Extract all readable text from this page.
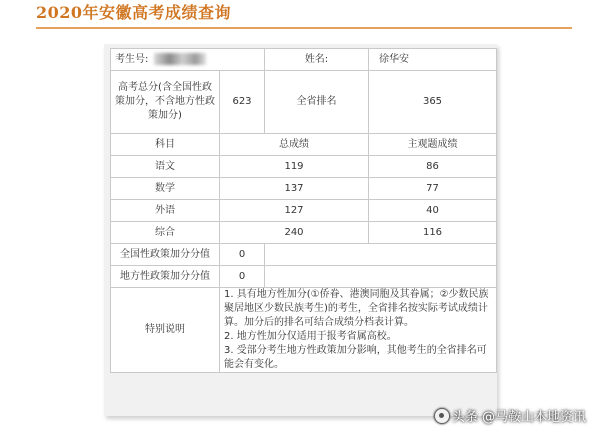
2020年安徽高考成绩查询
考生号:		姓名:	徐华安
高考总分(含全国性政策加分，不含地方性政策加分)	623	全省排名	365
科目	总成绩		主观题成绩
语文	119		86
数学	137		77
外语	127		40
综合	240		116
全国性政策加分分值	0		
地方性政策加分分值	0		
特别说明	1. 具有地方性加分(①侨眷、港澳同胞及其眷属；②少数民族聚居地区少数民族考生)的考生，全省排名按实际考试成绩计算。加分后的排名可结合成绩分档表计算。
2. 地方性加分仅适用于报考省属高校。
3. 受部分考生地方性政策加分影响，其他考生的全省排名可能会有变化。		
头条 @马鞍山本地资讯
